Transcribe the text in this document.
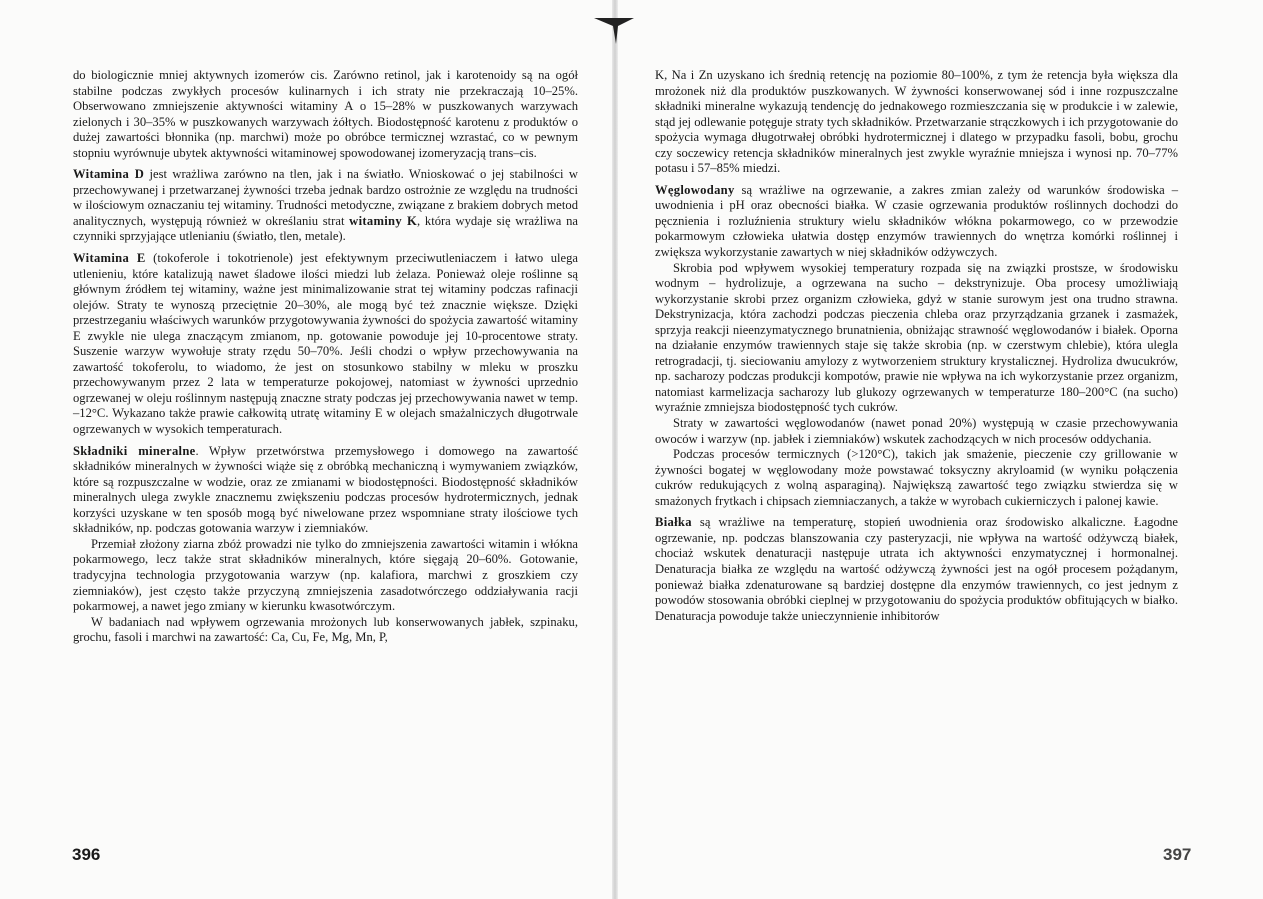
do biologicznie mniej aktywnych izomerów cis. Zarówno retinol, jak i karotenoidy są na ogół stabilne podczas zwykłych procesów kulinarnych i ich straty nie przekraczają 10–25%. Obserwowano zmniejszenie aktywności witaminy A o 15–28% w puszkowanych warzywach zielonych i 30–35% w puszkowanych warzywach żółtych. Biodostępność karotenu z produktów o dużej zawartości błonnika (np. marchwi) może po obróbce termicznej wzrastać, co w pewnym stopniu wyrównuje ubytek aktywności witaminowej spowodowanej izomeryzacją trans–cis.

Witamina D jest wrażliwa zarówno na tlen, jak i na światło. Wnioskować o jej stabilności w przechowywanej i przetwarzanej żywności trzeba jednak bardzo ostrożnie ze względu na trudności w ilościowym oznaczaniu tej witaminy. Trudności metodyczne, związane z brakiem dobrych metod analitycznych, występują również w określaniu strat witaminy K, która wydaje się wrażliwa na czynniki sprzyjające utlenianiu (światło, tlen, metale).

Witamina E (tokoferole i tokotrienole) jest efektywnym przeciwutleniaczem i łatwo ulega utlenieniu, które katalizują nawet śladowe ilości miedzi lub żelaza. Ponieważ oleje roślinne są głównym źródłem tej witaminy, ważne jest minimalizowanie strat tej witaminy podczas rafinacji olejów. Straty te wynoszą przeciętnie 20–30%, ale mogą być też znacznie większe. Dzięki przestrzeganiu właściwych warunków przygotowywania żywności do spożycia zawartość witaminy E zwykle nie ulega znaczącym zmianom, np. gotowanie powoduje jej 10-procentowe straty. Suszenie warzyw wywołuje straty rzędu 50–70%. Jeśli chodzi o wpływ przechowywania na zawartość tokoferolu, to wiadomo, że jest on stosunkowo stabilny w mleku w proszku przechowywanym przez 2 lata w temperaturze pokojowej, natomiast w żywności uprzednio ogrzewanej w oleju roślinnym następują znaczne straty podczas jej przechowywania nawet w temp. –12°C. Wykazano także prawie całkowitą utratę witaminy E w olejach smażalniczych długotrwale ogrzewanych w wysokich temperaturach.

Składniki mineralne. Wpływ przetwórstwa przemysłowego i domowego na zawartość składników mineralnych w żywności wiąże się z obróbką mechaniczną i wymywaniem związków, które są rozpuszczalne w wodzie, oraz ze zmianami w biodostępności. Biodostępność składników mineralnych ulega zwykle znacznemu zwiększeniu podczas procesów hydrotermicznych, jednak korzyści uzyskane w ten sposób mogą być niwelowane przez wspomniane straty ilościowe tych składników, np. podczas gotowania warzyw i ziemniaków.

Przemiał złożony ziarna zbóż prowadzi nie tylko do zmniejszenia zawartości witamin i włókna pokarmowego, lecz także strat składników mineralnych, które sięgają 20–60%. Gotowanie, tradycyjna technologia przygotowania warzyw (np. kalafiora, marchwi z groszkiem czy ziemniaków), jest często także przyczyną zmniejszenia zasadotwórczego oddziaływania racji pokarmowej, a nawet jego zmiany w kierunku kwasotwórczym.

W badaniach nad wpływem ogrzewania mrożonych lub konserwowanych jabłek, szpinaku, grochu, fasoli i marchwi na zawartość: Ca, Cu, Fe, Mg, Mn, P,

396

K, Na i Zn uzyskano ich średnią retencję na poziomie 80–100%, z tym że retencja była większa dla mrożonek niż dla produktów puszkowanych. W żywności konserwowanej sód i inne rozpuszczalne składniki mineralne wykazują tendencję do jednakowego rozmieszczania się w produkcie i w zalewie, stąd jej odlewanie potęguje straty tych składników. Przetwarzanie strączkowych i ich przygotowanie do spożycia wymaga długotrwałej obróbki hydrotermicznej i dlatego w przypadku fasoli, bobu, grochu czy soczewicy retencja składników mineralnych jest zwykle wyraźnie mniejsza i wynosi np. 70–77% potasu i 57–85% miedzi.

Węglowodany są wrażliwe na ogrzewanie, a zakres zmian zależy od warunków środowiska – uwodnienia i pH oraz obecności białka. W czasie ogrzewania produktów roślinnych dochodzi do pęcznienia i rozluźnienia struktury wielu składników włókna pokarmowego, co w przewodzie pokarmowym człowieka ułatwia dostęp enzymów trawiennych do wnętrza komórki roślinnej i zwiększa wykorzystanie zawartych w niej składników odżywczych.

Skrobia pod wpływem wysokiej temperatury rozpada się na związki prostsze, w środowisku wodnym – hydrolizuje, a ogrzewana na sucho – dekstrynizuje. Oba procesy umożliwiają wykorzystanie skrobi przez organizm człowieka, gdyż w stanie surowym jest ona trudno strawna. Dekstrynizacja, która zachodzi podczas pieczenia chleba oraz przyrządzania grzanek i zasmażek, sprzyja reakcji nieenzymatycznego brunatnienia, obniżając strawność węglowodanów i białek. Oporna na działanie enzymów trawiennych staje się także skrobia (np. w czerstwym chlebie), która ulegla retrogradacji, tj. sieciowaniu amylozy z wytworzeniem struktury krystalicznej. Hydroliza dwucukrów, np. sacharozy podczas produkcji kompotów, prawie nie wpływa na ich wykorzystanie przez organizm, natomiast karmelizacja sacharozy lub glukozy ogrzewanych w temperaturze 180–200°C (na sucho) wyraźnie zmniejsza biodostępność tych cukrów.

Straty w zawartości węglowodanów (nawet ponad 20%) występują w czasie przechowywania owoców i warzyw (np. jabłek i ziemniaków) wskutek zachodzących w nich procesów oddychania.

Podczas procesów termicznych (>120°C), takich jak smażenie, pieczenie czy grillowanie w żywności bogatej w węglowodany może powstawać toksyczny akryloamid (w wyniku połączenia cukrów redukujących z wolną asparaginą). Największą zawartość tego związku stwierdza się w smażonych frytkach i chipsach ziemniaczanych, a także w wyrobach cukierniczych i palonej kawie.

Białka są wrażliwe na temperaturę, stopień uwodnienia oraz środowisko alkaliczne. Łagodne ogrzewanie, np. podczas blanszowania czy pasteryzacji, nie wpływa na wartość odżywczą białek, chociaż wskutek denaturacji następuje utrata ich aktywności enzymatycznej i hormonalnej. Denaturacja białka ze względu na wartość odżywczą żywności jest na ogół procesem pożądanym, ponieważ białka zdenaturowane są bardziej dostępne dla enzymów trawiennych, co jest jednym z powodów stosowania obróbki cieplnej w przygotowaniu do spożycia produktów obfitujących w białko. Denaturacja powoduje także unieczynnienie inhibitorów

397
